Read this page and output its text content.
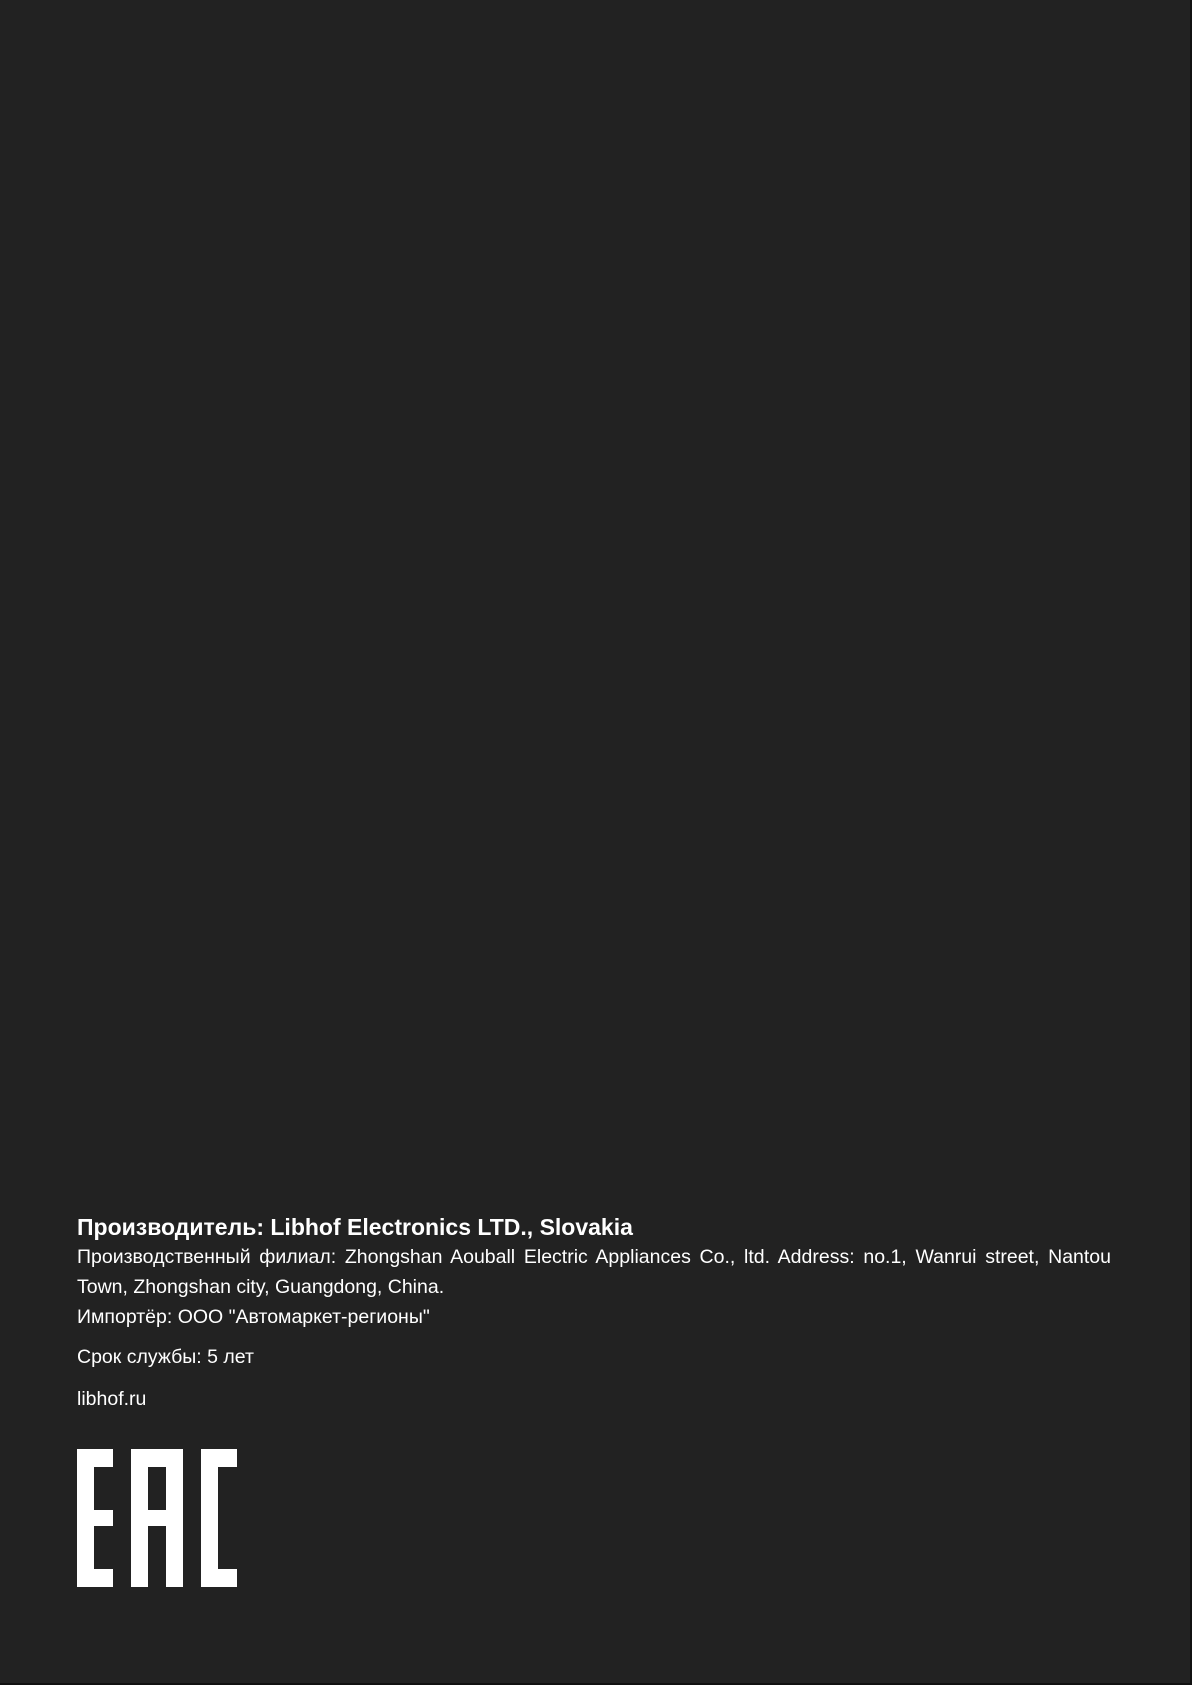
Производитель: Libhof Electronics LTD., Slovakia

Производственный филиал: Zhongshan Aouball Electric Appliances Co., ltd. Address: no.1, Wanrui street, Nantou Town, Zhongshan city, Guangdong, China.

Импортёр: ООО "Автомаркет-регионы"

Срок службы: 5 лет

libhof.ru
